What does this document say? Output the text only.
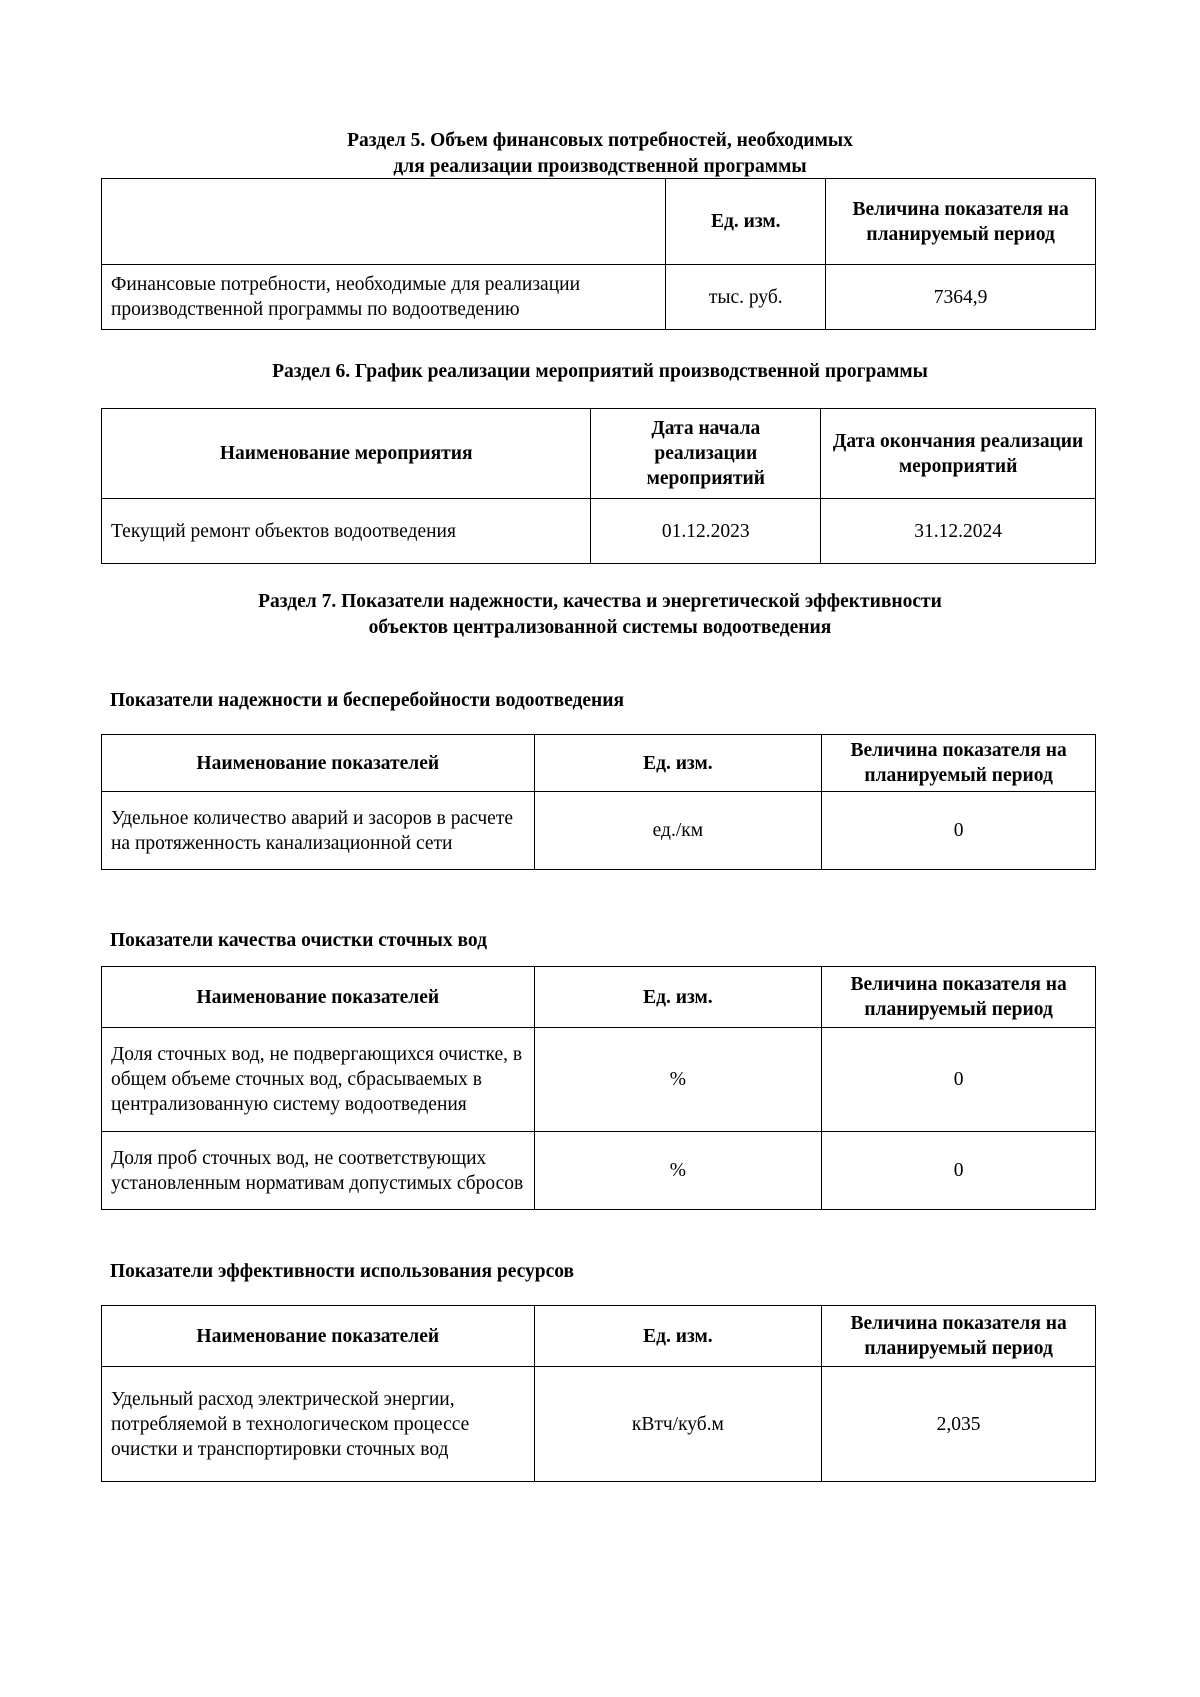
Раздел 5. Объем финансовых потребностей, необходимых
для реализации производственной программы
	Ед. изм.	Величина показателя на планируемый период
Финансовые потребности, необходимые для реализации производственной программы по водоотведению	тыс. руб.	7364,9
Раздел 6. График реализации мероприятий производственной программы
Наименование мероприятия	Дата начала реализации мероприятий	Дата окончания реализации мероприятий
Текущий ремонт объектов водоотведения	01.12.2023	31.12.2024
Раздел 7. Показатели надежности, качества и энергетической эффективности
объектов централизованной системы водоотведения
Показатели надежности и бесперебойности водоотведения
Наименование показателей	Ед. изм.	Величина показателя на планируемый период
Удельное количество аварий и засоров в расчете на протяженность канализационной сети	ед./км	0
Показатели качества очистки сточных вод
Наименование показателей	Ед. изм.	Величина показателя на планируемый период
Доля сточных вод, не подвергающихся очистке, в общем объеме сточных вод, сбрасываемых в централизованную систему водоотведения	%	0
Доля проб сточных вод, не соответствующих установленным нормативам допустимых сбросов	%	0
Показатели эффективности использования ресурсов
Наименование показателей	Ед. изм.	Величина показателя на планируемый период
Удельный расход электрической энергии, потребляемой в технологическом процессе очистки и транспортировки сточных вод	кВтч/куб.м	2,035
